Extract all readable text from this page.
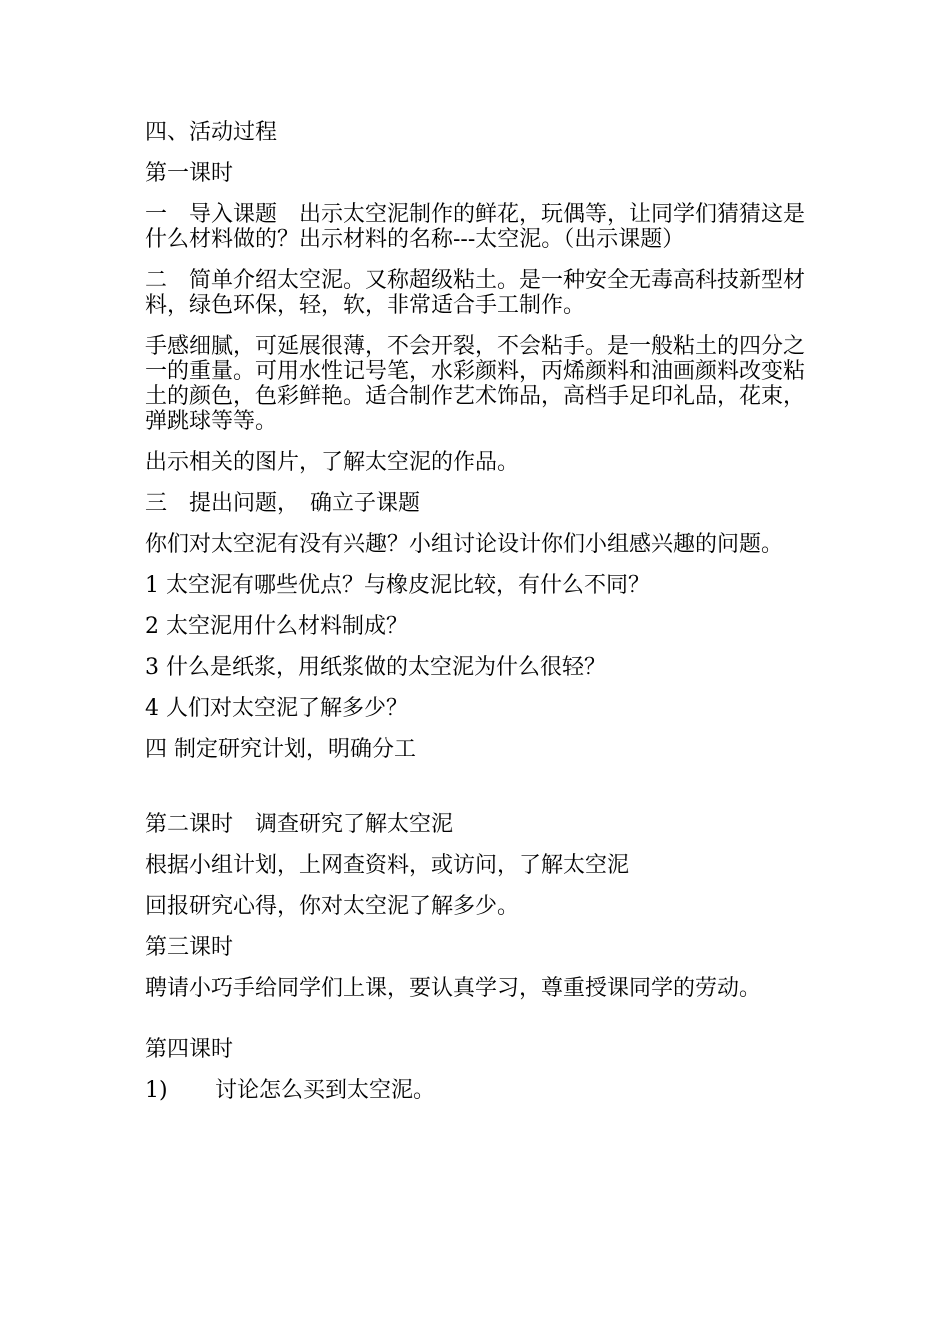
四、活动过程
第一课时
一　导入课题　出示太空泥制作的鲜花，玩偶等，让同学们猜猜这是什么材料做的？出示材料的名称---太空泥。（出示课题）
二　简单介绍太空泥。又称超级粘土。是一种安全无毒高科技新型材料，绿色环保，轻，软，非常适合手工制作。
手感细腻，可延展很薄，不会开裂，不会粘手。是一般粘土的四分之一的重量。可用水性记号笔，水彩颜料，丙烯颜料和油画颜料改变粘土的颜色，色彩鲜艳。适合制作艺术饰品，高档手足印礼品，花束，弹跳球等等。
出示相关的图片，了解太空泥的作品。
三　提出问题，　确立子课题
你们对太空泥有没有兴趣？小组讨论设计你们小组感兴趣的问题。
1 太空泥有哪些优点？与橡皮泥比较，有什么不同？
2 太空泥用什么材料制成？
3 什么是纸浆，用纸浆做的太空泥为什么很轻？
4 人们对太空泥了解多少？
四 制定研究计划，明确分工
第二课时　调查研究了解太空泥
根据小组计划，上网查资料，或访问，了解太空泥
回报研究心得，你对太空泥了解多少。
第三课时
聘请小巧手给同学们上课，要认真学习，尊重授课同学的劳动。
第四课时
1)	讨论怎么买到太空泥。
